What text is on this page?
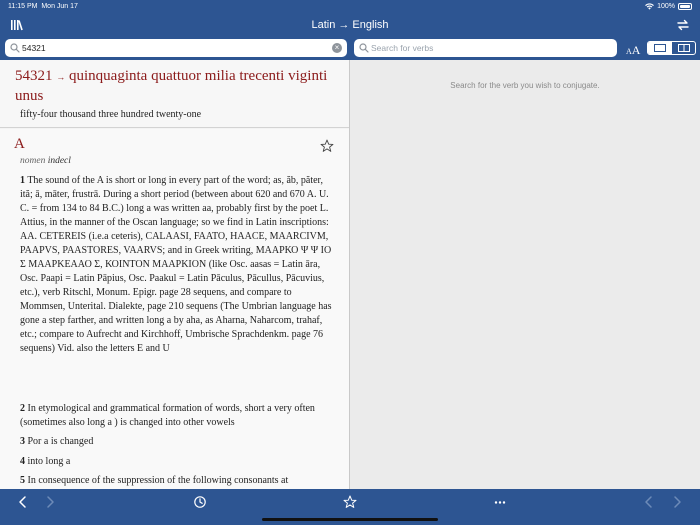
11:15 PM Mon Jun 17	100%
Latin → English
54321
×
Search for verbs	AA
54321 → quinquaginta quattuor milia trecenti viginti unus
fifty-four thousand three hundred twenty-one
A
nomen indecl
1 The sound of the A is short or long in every part of the word; as, ăb, păter, ită; ā, māter, frustrā. During a short period (between about 620 and 670 A. U. C. = from 134 to 84 B.C.) long a was written aa, probably first by the poet L. Attius, in the manner of the Oscan language; so we find in Latin inscriptions: AA. CETEREIS (i.e.a ceteris), CALAASI, FAATO, HAACE, MAARCIVM, PAAPVS, PAASTORES, VAARVS; and in Greek writing, ΜΑΑΡΚΟ Ψ Ψ ΙΟ Σ ΜΑΑΡΚΕΑΑΟ Σ, ΚΟΙΝΤΟΝ ΜΑΑΡΚΙΟΝ (like Osc. aasas = Latin āra, Osc. Paapi = Latin Pāpius, Osc. Paakul = Latin Pāculus, Pācullus, Pācuvius, etc.), verb Ritschl, Monum. Epigr. page 28 sequens, and compare to Mommsen, Unterital. Dialekte, page 210 sequens (The Umbrian language has gone a step farther, and written long a by aha, as Aharna, Naharcom, trahaf, etc.; compare to Aufrecht and Kirchhoff, Umbrische Sprachdenkm. page 76 sequens) Vid. also the letters E and U
2 In etymological and grammatical formation of words, short a very often (sometimes also long a ) is changed into other vowels
3 Por a is changed
4 into long a
5 In consequence of the suppression of the following consonants at
Search for the verb you wish to conjugate.
